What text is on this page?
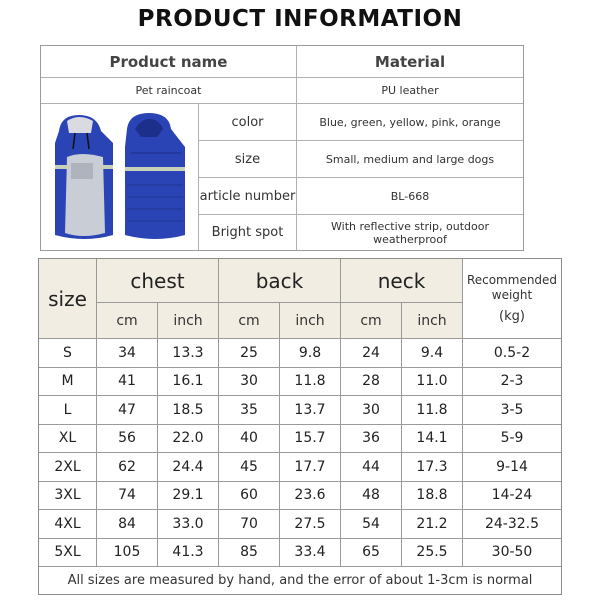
PRODUCT INFORMATION
Product name	Material
Pet raincoat	PU leather
color	Blue, green, yellow, pink, orange
size	Small, medium and large dogs
article number	BL-668
Bright spot	With reflective strip, outdoor weatherproof
size
chest	back	neck
cm	inch	cm	inch	cm	inch
Recommended
weight
(kg)
S	34	13.3	25	9.8	24	9.4	0.5-2
M	41	16.1	30	11.8	28	11.0	2-3
L	47	18.5	35	13.7	30	11.8	3-5
XL	56	22.0	40	15.7	36	14.1	5-9
2XL	62	24.4	45	17.7	44	17.3	9-14
3XL	74	29.1	60	23.6	48	18.8	14-24
4XL	84	33.0	70	27.5	54	21.2	24-32.5
5XL	105	41.3	85	33.4	65	25.5	30-50
All sizes are measured by hand, and the error of about 1-3cm is normal
